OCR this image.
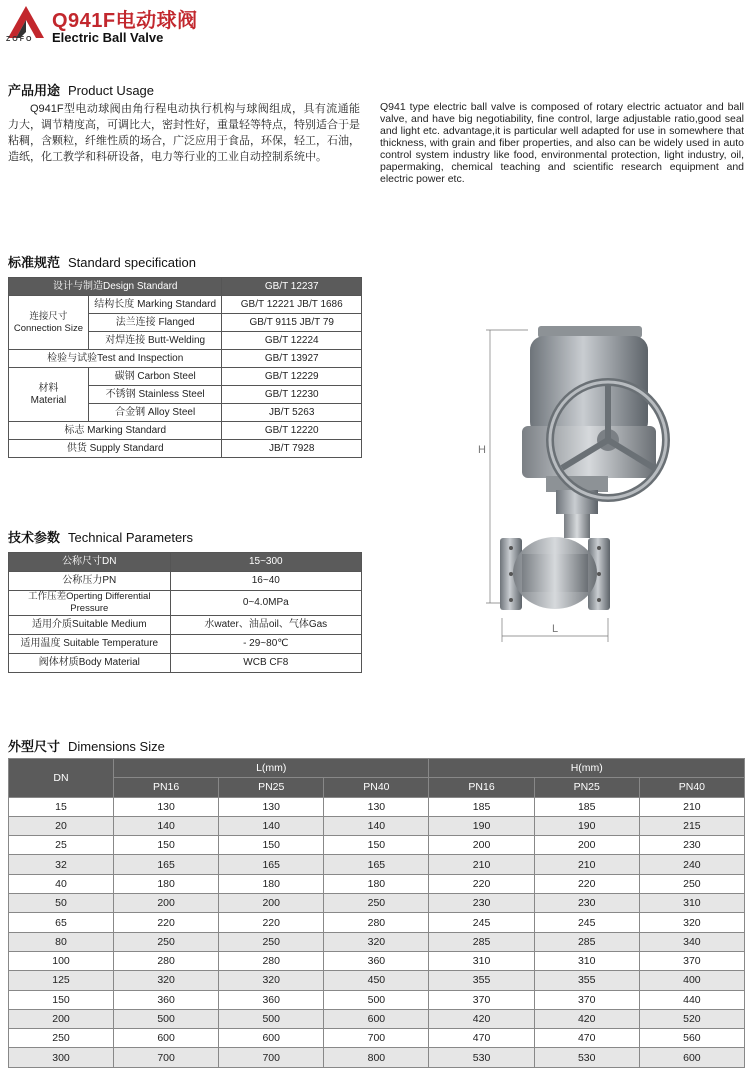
ZOFO
Q941F电动球阀
Electric Ball Valve
产品用途 Product Usage
Q941F型电动球阀由角行程电动执行机构与球阀组成，具有流通能力大，调节精度高，可调比大，密封性好，重量轻等特点，特别适合于是粘稠，含颗粒，纤维性质的场合，广泛应用于食品，环保，轻工，石油，造纸，化工教学和科研设备，电力等行业的工业自动控制系统中。
Q941 type electric ball valve is composed of rotary electric actuator and ball valve, and have big negotiability, fine control, large adjustable ratio,good seal and light etc. advantage,it is particular well adapted for use in somewhere that thickness, with grain and fiber properties, and also can be widely used in auto control system industry like food, environmental protection, light industry, oil, papermaking, chemical teaching and scientific research equipment and electric power etc.
标准规范 Standard specification
设计与制造Design Standard		GB/T 12237
连接尺寸
Connection Size	结构长度 Marking Standard	GB/T 12221 JB/T 1686
	法兰连接 Flanged	GB/T 9115 JB/T 79
	对焊连接 Butt-Welding	GB/T 12224
检验与试验Test and Inspection		GB/T 13927
材料
Material	碳钢 Carbon Steel	GB/T 12229
	不锈钢 Stainless Steel	GB/T 12230
	合金钢 Alloy Steel	JB/T 5263
标志 Marking Standard		GB/T 12220
供货 Supply Standard		JB/T 7928
技术参数 Technical Parameters
公称尺寸DN	15~300
公称压力PN	16~40
工作压差Operting Differential Pressure	0~4.0MPa
适用介质Suitable Medium	水water、油品oil、气体Gas
适用温度 Suitable Temperature	- 29~80℃
阀体材质Body Material	WCB CF8
H
L
外型尺寸 Dimensions Size
DN	L(mm)			H(mm)		
	PN16	PN25	PN40	PN16	PN25	PN40
15	130	130	130	185	185	210
20	140	140	140	190	190	215
25	150	150	150	200	200	230
32	165	165	165	210	210	240
40	180	180	180	220	220	250
50	200	200	250	230	230	310
65	220	220	280	245	245	320
80	250	250	320	285	285	340
100	280	280	360	310	310	370
125	320	320	450	355	355	400
150	360	360	500	370	370	440
200	500	500	600	420	420	520
250	600	600	700	470	470	560
300	700	700	800	530	530	600
